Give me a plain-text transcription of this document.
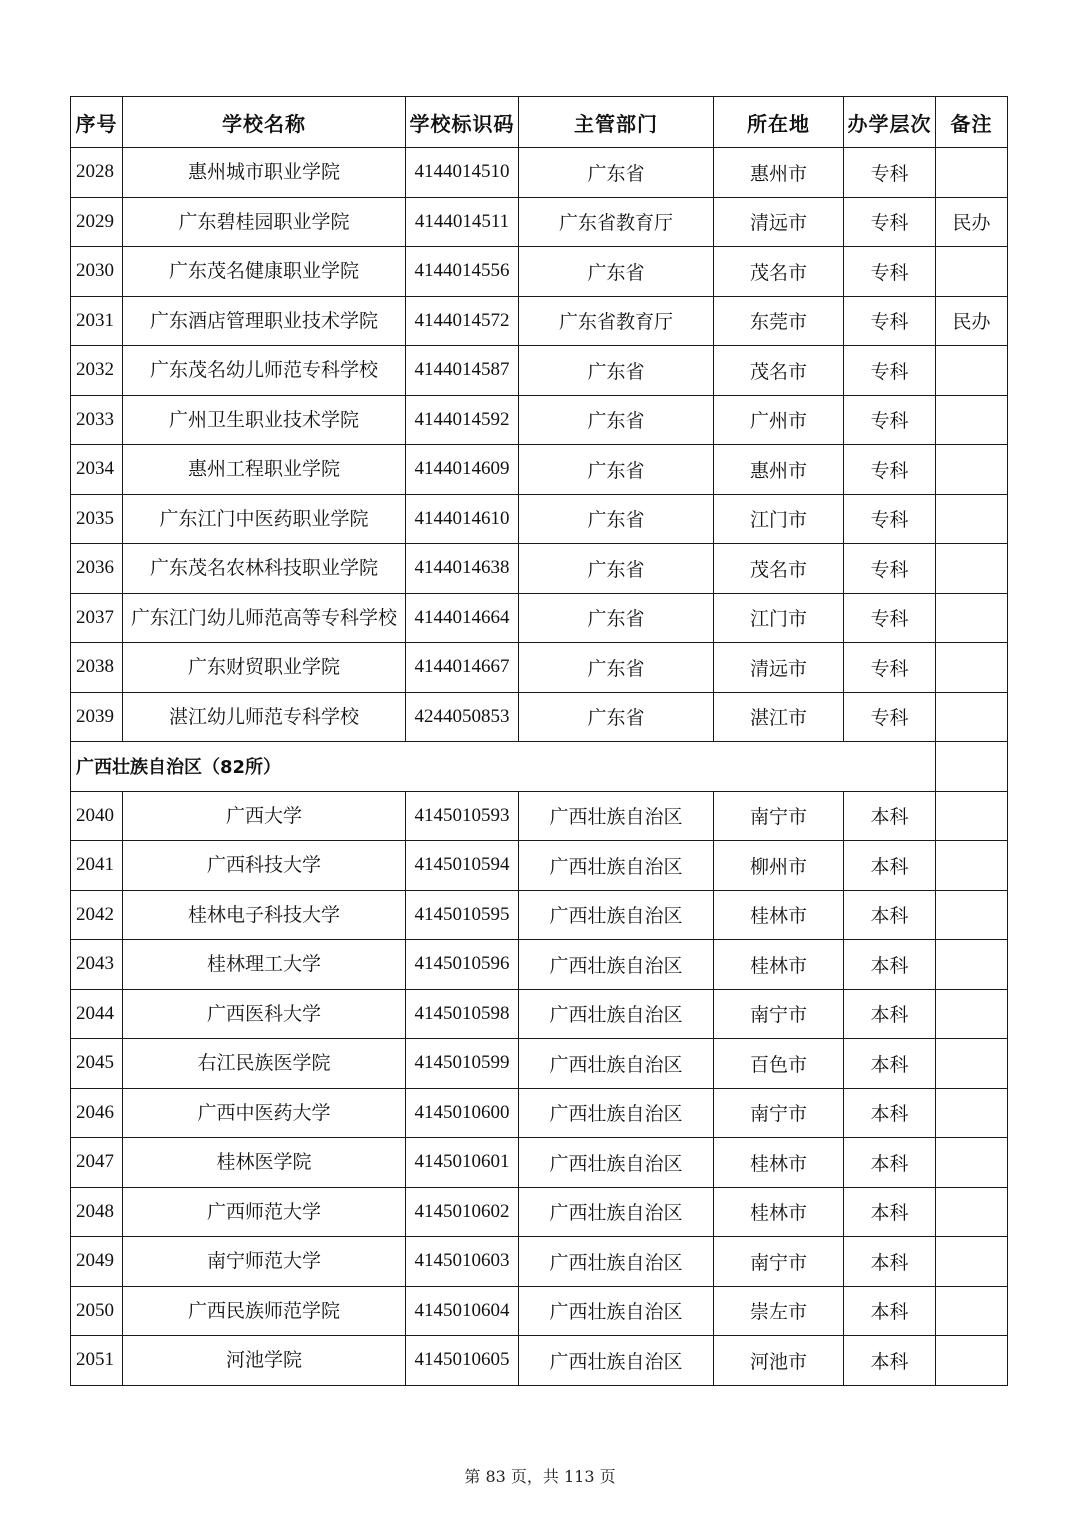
序号	学校名称	学校标识码	主管部门	所在地	办学层次	备注
2028	惠州城市职业学院	4144014510	广东省	惠州市	专科	
2029	广东碧桂园职业学院	4144014511	广东省教育厅	清远市	专科	民办
2030	广东茂名健康职业学院	4144014556	广东省	茂名市	专科	
2031	广东酒店管理职业技术学院	4144014572	广东省教育厅	东莞市	专科	民办
2032	广东茂名幼儿师范专科学校	4144014587	广东省	茂名市	专科	
2033	广州卫生职业技术学院	4144014592	广东省	广州市	专科	
2034	惠州工程职业学院	4144014609	广东省	惠州市	专科	
2035	广东江门中医药职业学院	4144014610	广东省	江门市	专科	
2036	广东茂名农林科技职业学院	4144014638	广东省	茂名市	专科	
2037	广东江门幼儿师范高等专科学校	4144014664	广东省	江门市	专科	
2038	广东财贸职业学院	4144014667	广东省	清远市	专科	
2039	湛江幼儿师范专科学校	4244050853	广东省	湛江市	专科	
广西壮族自治区（82所）						
2040	广西大学	4145010593	广西壮族自治区	南宁市	本科	
2041	广西科技大学	4145010594	广西壮族自治区	柳州市	本科	
2042	桂林电子科技大学	4145010595	广西壮族自治区	桂林市	本科	
2043	桂林理工大学	4145010596	广西壮族自治区	桂林市	本科	
2044	广西医科大学	4145010598	广西壮族自治区	南宁市	本科	
2045	右江民族医学院	4145010599	广西壮族自治区	百色市	本科	
2046	广西中医药大学	4145010600	广西壮族自治区	南宁市	本科	
2047	桂林医学院	4145010601	广西壮族自治区	桂林市	本科	
2048	广西师范大学	4145010602	广西壮族自治区	桂林市	本科	
2049	南宁师范大学	4145010603	广西壮族自治区	南宁市	本科	
2050	广西民族师范学院	4145010604	广西壮族自治区	崇左市	本科	
2051	河池学院	4145010605	广西壮族自治区	河池市	本科	
第 83 页，共 113 页
